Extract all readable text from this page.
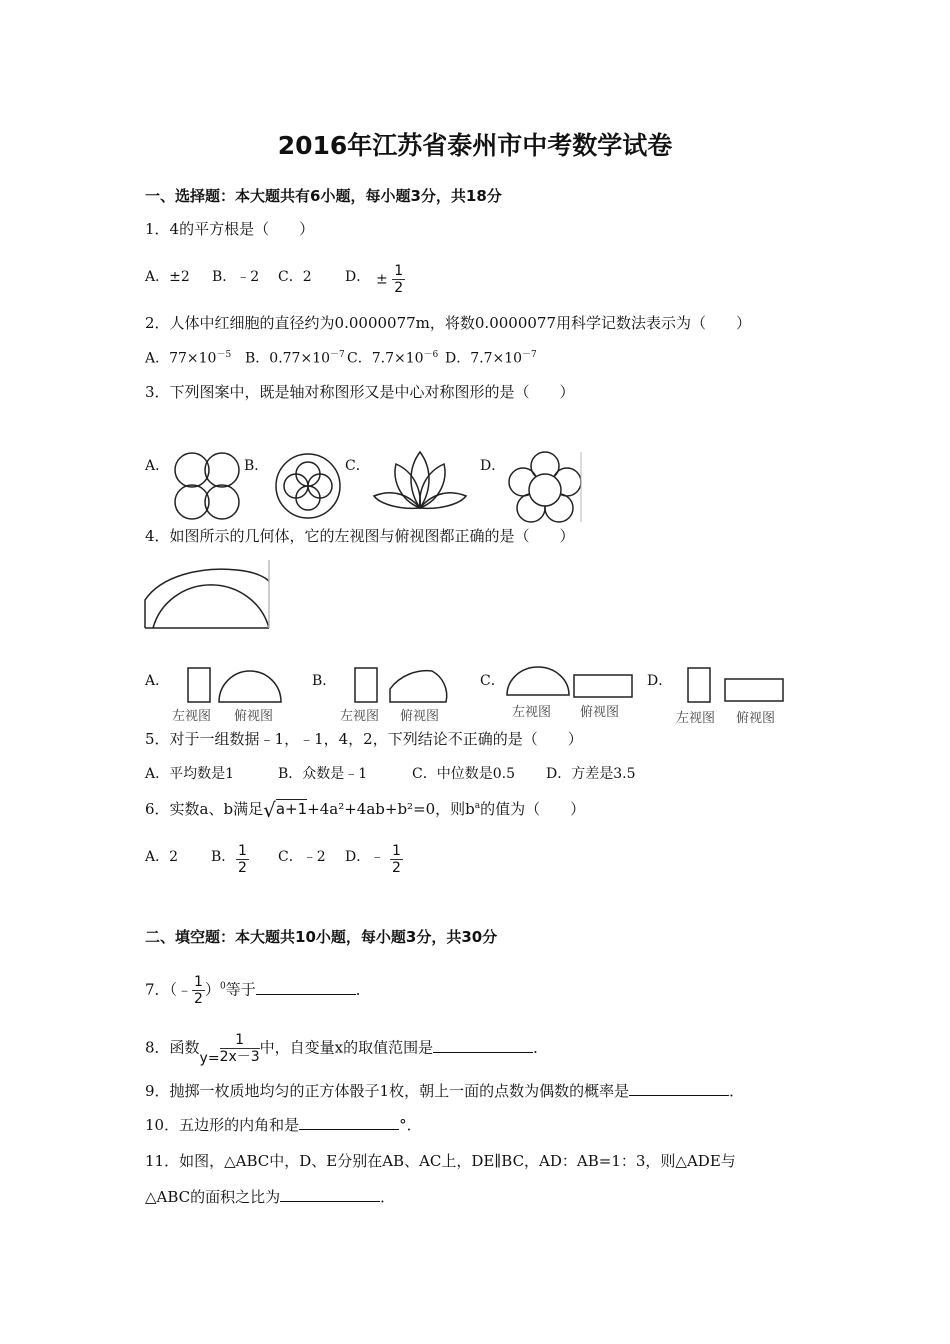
2016年江苏省泰州市中考数学试卷
一、选择题：本大题共有6小题，每小题3分，共18分
1．4的平方根是（　　）
A．±2 B．﹣2 C．2 D． ± $\frac{1}{2}$
2．人体中红细胞的直径约为0.0000077m，将数0.0000077用科学记数法表示为（　　）
A．$77\times 10^{-5}$ B．$0.77\times 10^{-7}$ C．$7.7\times 10^{-6}$ D．$7.7\times 10^{-7}$
3．下列图案中，既是轴对称图形又是中心对称图形的是（　　）
A．	B．	C．	D．
4．如图所示的几何体，它的左视图与俯视图都正确的是（　　）
A．
左视图 俯视图
B．
左视图 俯视图
C．
左视图 俯视图
D．
左视图 俯视图
5．对于一组数据﹣1，﹣1，4，2，下列结论不正确的是（　　）
A．平均数是1	B．众数是﹣1	C．中位数是0.5 D．方差是3.5
6．实数a、b满足√a+1+4a²+4ab+b²=0，则$b^a$的值为（　　）
A．2 B． $\frac{1}{2}$ C．﹣2 D．﹣ $\frac{1}{2}$
二、填空题：本大题共10小题，每小题3分，共30分
7．（﹣ $\frac{1}{2} )^0$等于	．
8．函数$y= \frac{1}{2x-3}$ 中，自变量x的取值范围是	．
9．抛掷一枚质地均匀的正方体骰子1枚，朝上一面的点数为偶数的概率是	．
10．五边形的内角和是	°．
11．如图，△ABC中，D、E分别在AB、AC上，DE∥BC，AD：AB=1：3，则△ADE与
△ABC的面积之比为	．
